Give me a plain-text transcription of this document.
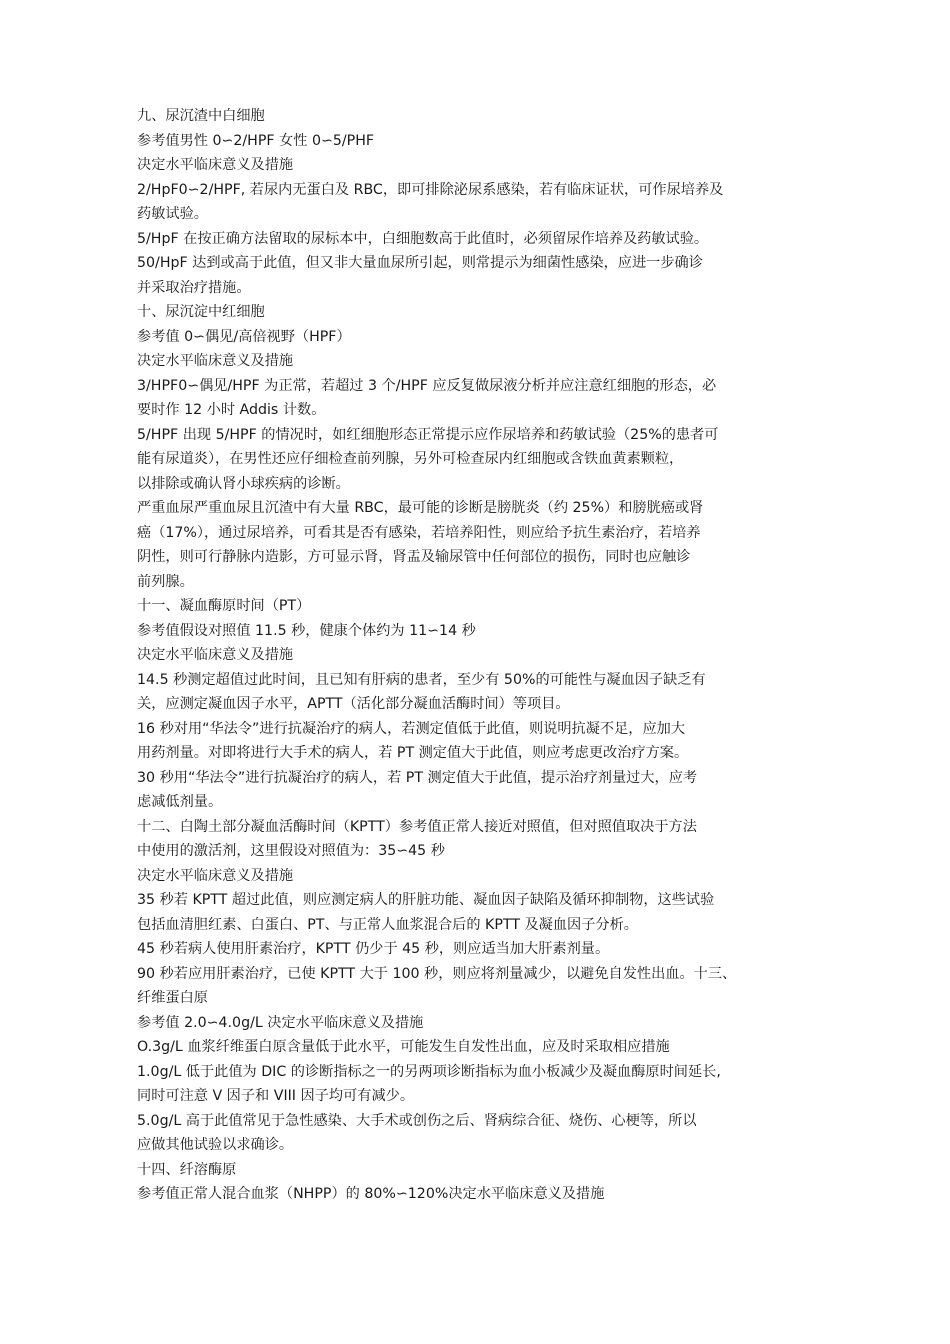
九、尿沉渣中白细胞
参考值男性 0∽2/HPF 女性 0∽5/PHF
决定水平临床意义及措施
2/HpF0∽2/HPF, 若尿内无蛋白及 RBC，即可排除泌尿系感染，若有临床证状，可作尿培养及
药敏试验。
5/HpF 在按正确方法留取的尿标本中，白细胞数高于此值时，必须留尿作培养及药敏试验。
50/HpF 达到或高于此值，但又非大量血尿所引起，则常提示为细菌性感染，应进一步确诊
并采取治疗措施。
十、尿沉淀中红细胞
参考值 0∽偶见/高倍视野（HPF）
决定水平临床意义及措施
3/HPF0∽偶见/HPF 为正常，若超过 3 个/HPF 应反复做尿液分析并应注意红细胞的形态，必
要时作 12 小时 Addis 计数。
5/HPF 出现 5/HPF 的情况时，如红细胞形态正常提示应作尿培养和药敏试验（25%的患者可
能有尿道炎），在男性还应仔细检查前列腺，另外可检查尿内红细胞或含铁血黄素颗粒，
以排除或确认肾小球疾病的诊断。
严重血尿严重血尿且沉渣中有大量 RBC，最可能的诊断是膀胱炎（约 25%）和膀胱癌或肾
癌（17%），通过尿培养，可看其是否有感染，若培养阳性，则应给予抗生素治疗，若培养
阴性，则可行静脉内造影，方可显示肾，肾盂及输尿管中任何部位的损伤，同时也应触诊
前列腺。
十一、凝血酶原时间（PT）
参考值假设对照值 11.5 秒，健康个体约为 11∽14 秒
决定水平临床意义及措施
14.5 秒测定超值过此时间，且已知有肝病的患者，至少有 50%的可能性与凝血因子缺乏有
关，应测定凝血因子水平，APTT（活化部分凝血活酶时间）等项目。
16 秒对用“华法令”进行抗凝治疗的病人，若测定值低于此值，则说明抗凝不足，应加大
用药剂量。对即将进行大手术的病人，若 PT 测定值大于此值，则应考虑更改治疗方案。
30 秒用“华法令”进行抗凝治疗的病人，若 PT 测定值大于此值，提示治疗剂量过大，应考
虑减低剂量。
十二、白陶土部分凝血活酶时间（KPTT）参考值正常人接近对照值，但对照值取决于方法
中使用的激活剂，这里假设对照值为：35∽45 秒
决定水平临床意义及措施
35 秒若 KPTT 超过此值，则应测定病人的肝脏功能、凝血因子缺陷及循环抑制物，这些试验
包括血清胆红素、白蛋白、PT、与正常人血浆混合后的 KPTT 及凝血因子分析。
45 秒若病人使用肝素治疗，KPTT 仍少于 45 秒，则应适当加大肝素剂量。
90 秒若应用肝素治疗，已使 KPTT 大于 100 秒，则应将剂量减少，以避免自发性出血。十三、
纤维蛋白原
参考值 2.0∽4.0g/L 决定水平临床意义及措施
O.3g/L 血浆纤维蛋白原含量低于此水平，可能发生自发性出血，应及时采取相应措施
1.0g/L 低于此值为 DIC 的诊断指标之一的另两项诊断指标为血小板减少及凝血酶原时间延长,
同时可注意 V 因子和 VIII 因子均可有减少。
5.0g/L 高于此值常见于急性感染、大手术或创伤之后、肾病综合征、烧伤、心梗等，所以
应做其他试验以求确诊。
十四、纤溶酶原
参考值正常人混合血浆（NHPP）的 80%∽120%决定水平临床意义及措施
